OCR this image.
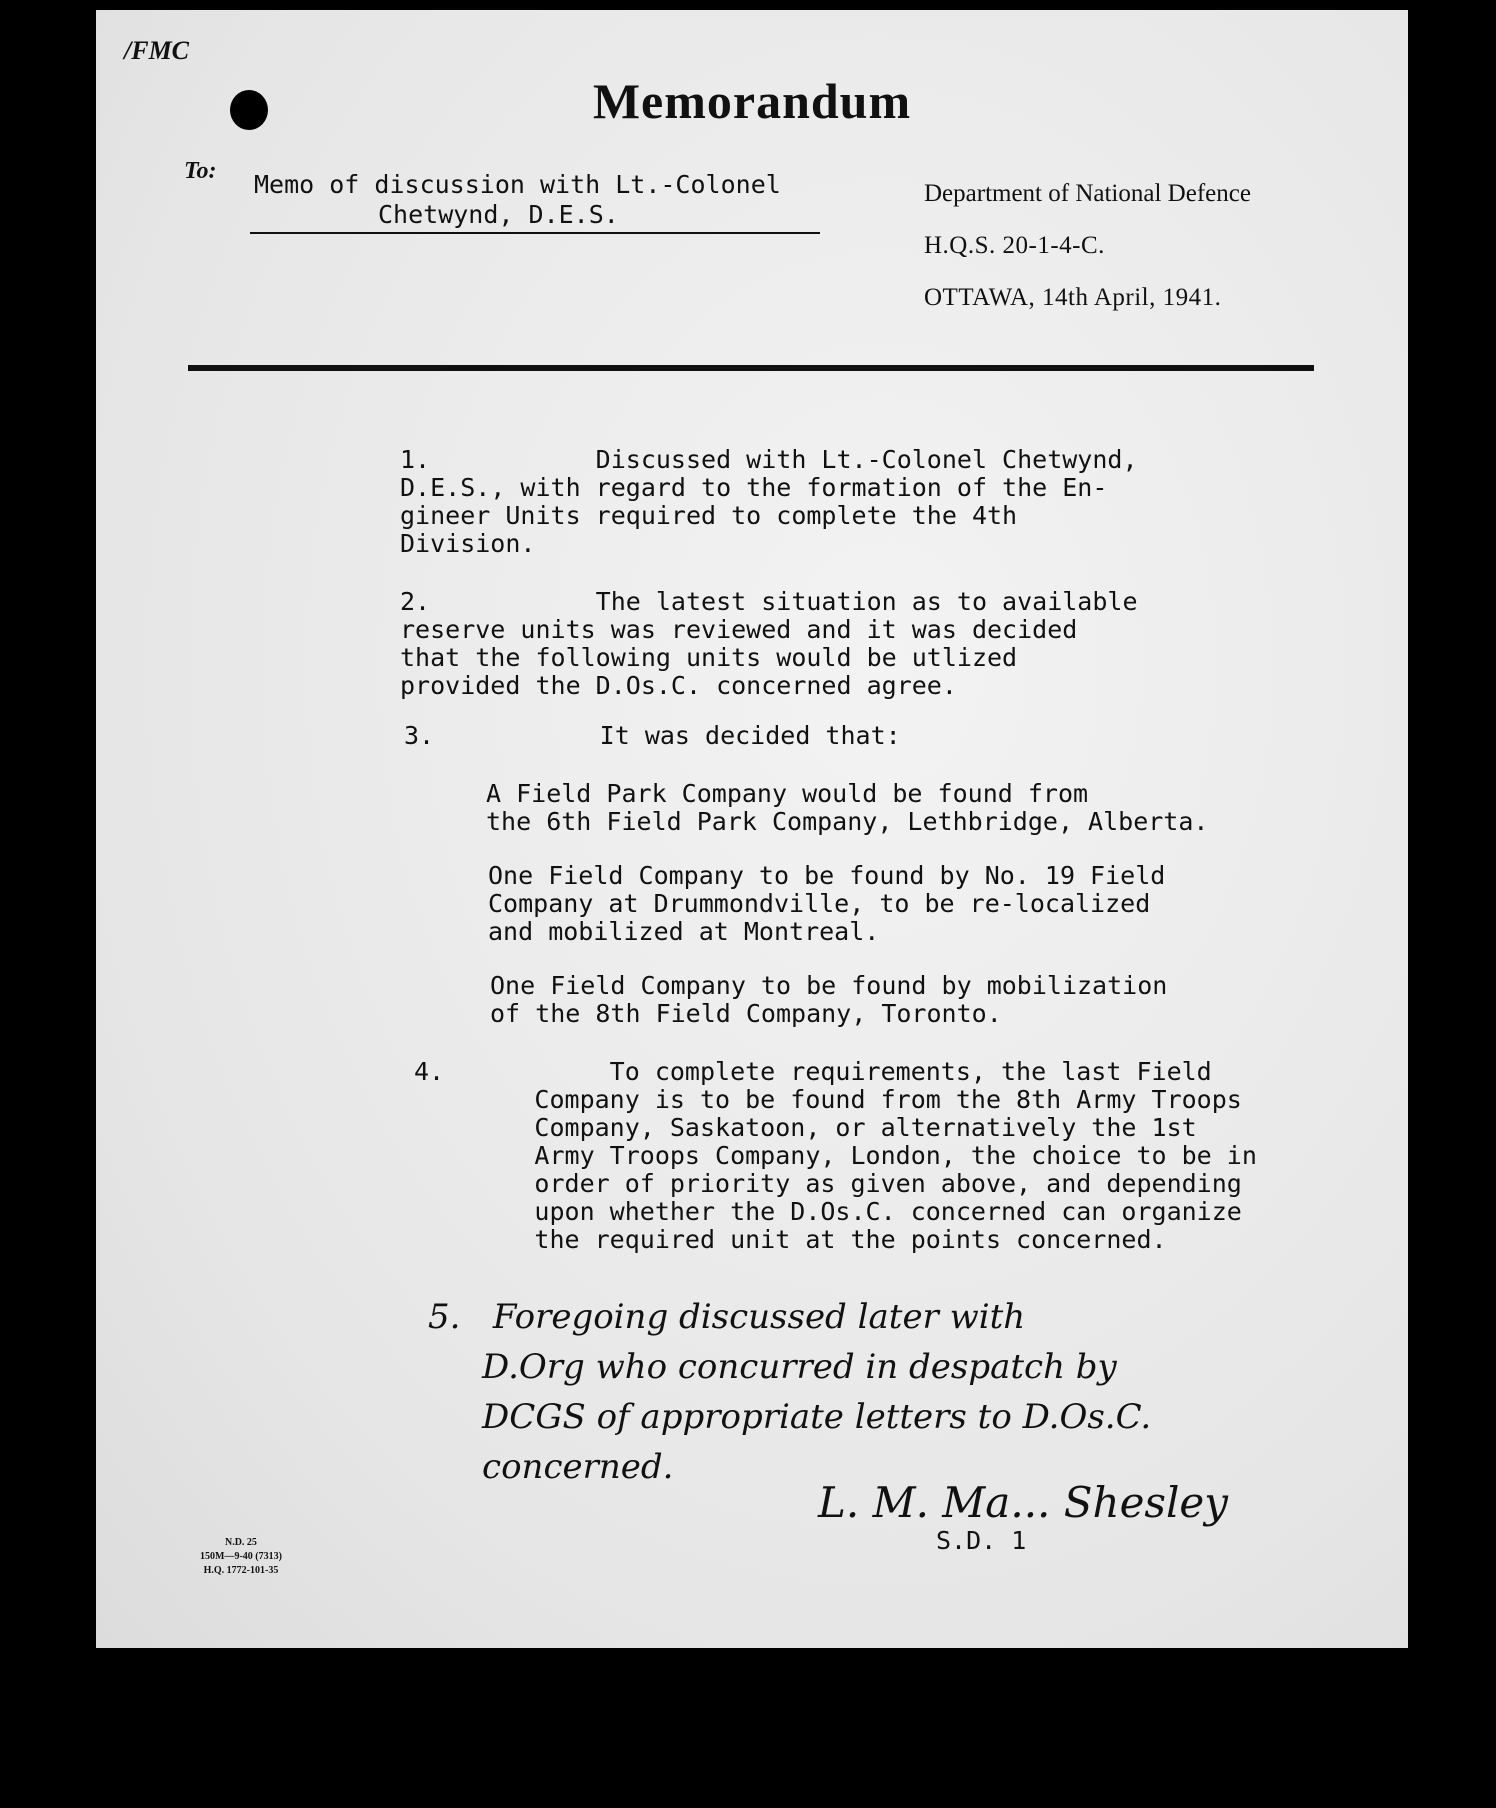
/FMC
Memorandum
To: Memo of discussion with Lt.-Colonel
Chetwynd, D.E.S.
Department of National Defence
H.Q.S. 20-1-4-C.
OTTAWA, 14th April, 1941.
1.           Discussed with Lt.-Colonel Chetwynd,
D.E.S., with regard to the formation of the En-
gineer Units required to complete the 4th
Division.
2.           The latest situation as to available
reserve units was reviewed and it was decided
that the following units would be utlized
provided the D.Os.C. concerned agree.
3.           It was decided that:
A Field Park Company would be found from
the 6th Field Park Company, Lethbridge, Alberta.
One Field Company to be found by No. 19 Field
Company at Drummondville, to be re-localized
and mobilized at Montreal.
One Field Company to be found by mobilization
of the 8th Field Company, Toronto.
4.           To complete requirements, the last Field
Company is to be found from the 8th Army Troops
Company, Saskatoon, or alternatively the 1st
Army Troops Company, London, the choice to be in
order of priority as given above, and depending
upon whether the D.Os.C. concerned can organize
the required unit at the points concerned.
5.   Foregoing discussed later with
D.Org who concurred in despatch by
DCGS of appropriate letters to D.Os.C.
concerned.
L. M. Ma... Shesley
S.D. 1
N.D. 25
150M—9-40 (7313)
H.Q. 1772-101-35
